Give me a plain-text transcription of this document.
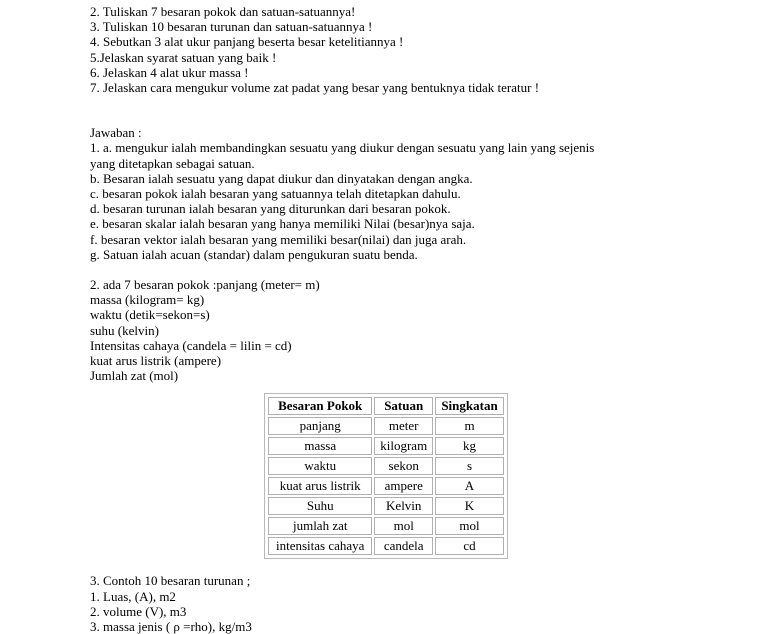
2. Tuliskan 7 besaran pokok dan satuan-satuannya!
3. Tuliskan 10 besaran turunan dan satuan-satuannya !
4. Sebutkan 3 alat ukur panjang beserta besar ketelitiannya !
5.Jelaskan syarat satuan yang baik !
6. Jelaskan 4 alat ukur massa !
7. Jelaskan cara mengukur volume zat padat yang besar yang bentuknya tidak teratur !
Jawaban :
1. a. mengukur ialah membandingkan sesuatu yang diukur dengan sesuatu yang lain yang sejenis
yang ditetapkan sebagai satuan.
b. Besaran ialah sesuatu yang dapat diukur dan dinyatakan dengan angka.
c. besaran pokok ialah besaran yang satuannya telah ditetapkan dahulu.
d. besaran turunan ialah besaran yang diturunkan dari besaran pokok.
e. besaran skalar ialah besaran yang hanya memiliki Nilai (besar)nya saja.
f. besaran vektor ialah besaran yang memiliki besar(nilai) dan juga arah.
g. Satuan ialah acuan (standar) dalam pengukuran suatu benda.
2. ada 7 besaran pokok :panjang (meter= m)
massa (kilogram= kg)
waktu (detik=sekon=s)
suhu (kelvin)
Intensitas cahaya (candela = lilin = cd)
kuat arus listrik (ampere)
Jumlah zat (mol)
Besaran Pokok	Satuan	Singkatan
panjang	meter	m
massa	kilogram	kg
waktu	sekon	s
kuat arus listrik	ampere	A
Suhu	Kelvin	K
jumlah zat	mol	mol
intensitas cahaya	candela	cd
3. Contoh 10 besaran turunan ;
1. Luas, (A), m2
2. volume (V), m3
3. massa jenis ( ρ =rho), kg/m3
